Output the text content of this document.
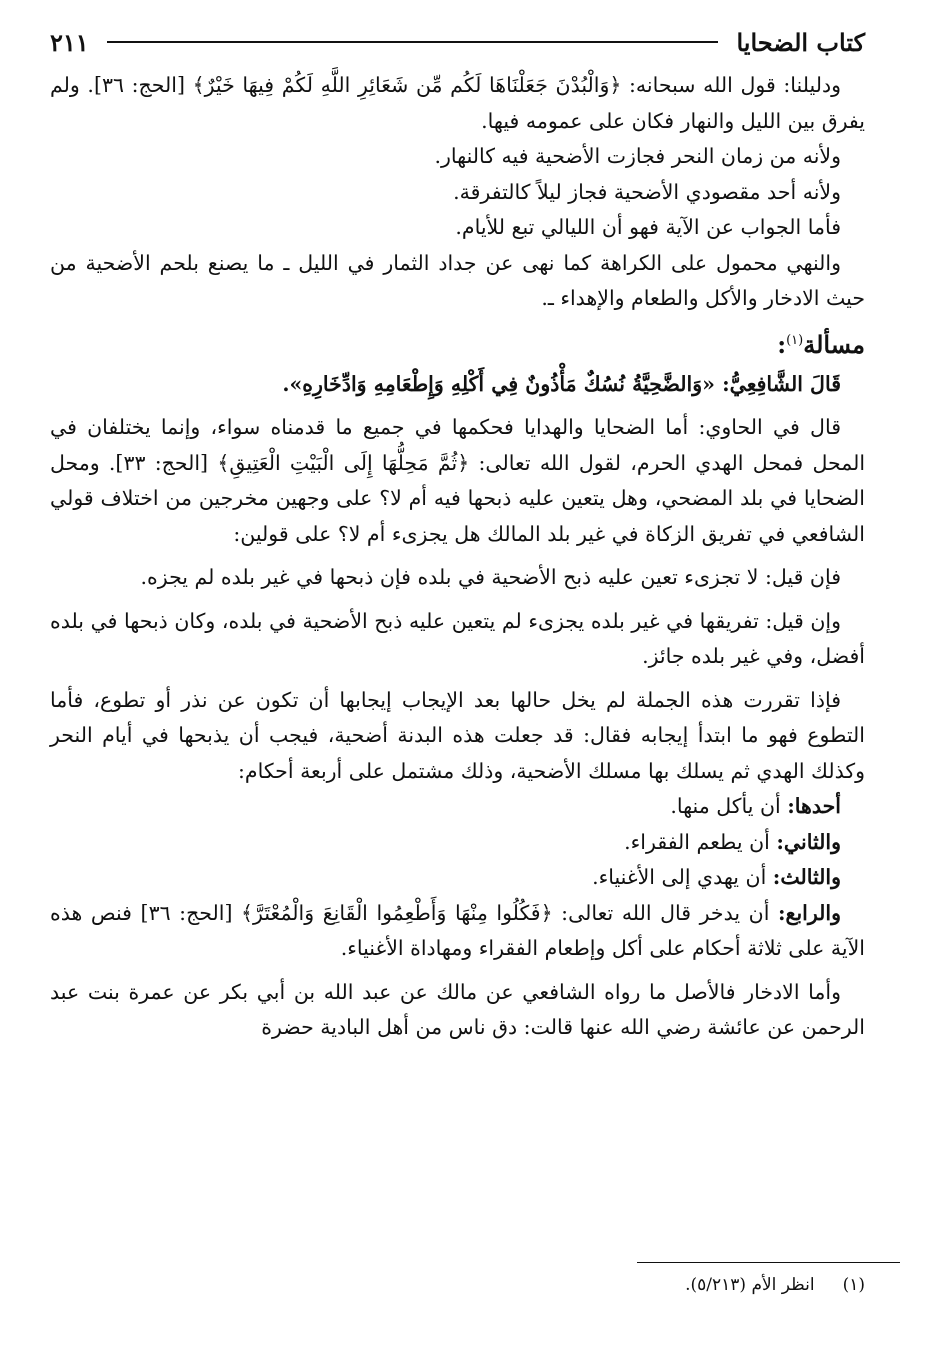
كتاب الضحايا
٢١١

ودليلنا: قول الله سبحانه: ﴿وَالْبُدْنَ جَعَلْنَاهَا لَكُم مِّن شَعَائِرِ اللَّهِ لَكُمْ فِيهَا خَيْرٌ﴾ [الحج: ٣٦]. ولم يفرق بين الليل والنهار فكان على عمومه فيها.

ولأنه من زمان النحر فجازت الأضحية فيه كالنهار.

ولأنه أحد مقصودي الأضحية فجاز ليلاً كالتفرقة.

فأما الجواب عن الآية فهو أن الليالي تبع للأيام.

والنهي محمول على الكراهة كما نهى عن جداد الثمار في الليل ـ ما يصنع بلحم الأضحية من حيث الادخار والأكل والطعام والإهداء ـ.

مسألة$^{(١)}$:

قَالَ الشَّافِعِيُّ: «وَالضَّحِيَّةُ نُسُكٌ مَأْذُونٌ فِي أَكْلِهِ وَإِطْعَامِهِ وَادِّخَارِهِ».

قال في الحاوي: أما الضحايا والهدايا فحكمها في جميع ما قدمناه سواء، وإنما يختلفان في المحل فمحل الهدي الحرم، لقول الله تعالى: ﴿ثُمَّ مَحِلُّهَا إِلَى الْبَيْتِ الْعَتِيقِ﴾ [الحج: ٣٣]. ومحل الضحايا في بلد المضحي، وهل يتعين عليه ذبحها فيه أم لا؟ على وجهين مخرجين من اختلاف قولي الشافعي في تفريق الزكاة في غير بلد المالك هل يجزىء أم لا؟ على قولين:

فإن قيل: لا تجزىء تعين عليه ذبح الأضحية في بلده فإن ذبحها في غير بلده لم يجزه.

وإن قيل: تفريقها في غير بلده يجزىء لم يتعين عليه ذبح الأضحية في بلده، وكان ذبحها في بلده أفضل، وفي غير بلده جائز.

فإذا تقررت هذه الجملة لم يخل حالها بعد الإيجاب إيجابها أن تكون عن نذر أو تطوع، فأما التطوع فهو ما ابتدأ إيجابه فقال: قد جعلت هذه البدنة أضحية، فيجب أن يذبحها في أيام النحر وكذلك الهدي ثم يسلك بها مسلك الأضحية، وذلك مشتمل على أربعة أحكام:

أحدها: أن يأكل منها.

والثاني: أن يطعم الفقراء.

والثالث: أن يهدي إلى الأغنياء.

والرابع: أن يدخر قال الله تعالى: ﴿فَكُلُوا مِنْهَا وَأَطْعِمُوا الْقَانِعَ وَالْمُعْتَرَّ﴾ [الحج: ٣٦] فنص هذه الآية على ثلاثة أحكام على أكل وإطعام الفقراء ومهاداة الأغنياء.

وأما الادخار فالأصل ما رواه الشافعي عن مالك عن عبد الله بن أبي بكر عن عمرة بنت عبد الرحمن عن عائشة رضي الله عنها قالت: دق ناس من أهل البادية حضرة

(١)انظر الأم (٥/٢١٣).
